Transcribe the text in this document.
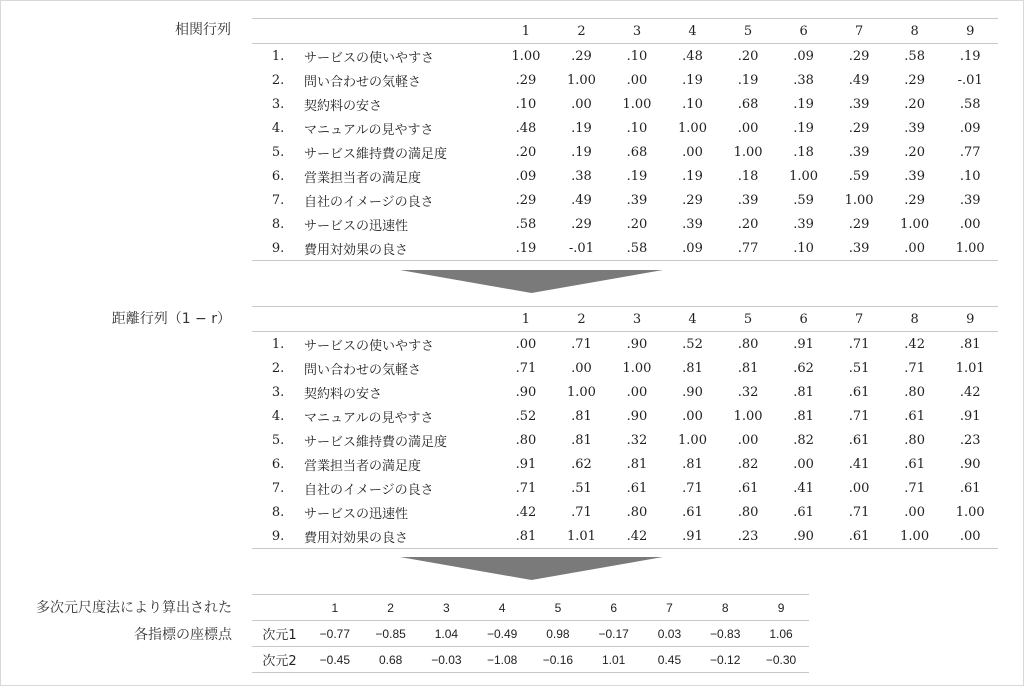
相関行列
			1	2	3	4	5	6	7	8	9
1.	サービスの使いやすさ	1.00	.29	.10	.48	.20	.09	.29	.58	.19
2.	問い合わせの気軽さ	.29	1.00	.00	.19	.19	.38	.49	.29	-.01
3.	契約料の安さ	.10	.00	1.00	.10	.68	.19	.39	.20	.58
4.	マニュアルの見やすさ	.48	.19	.10	1.00	.00	.19	.29	.39	.09
5.	サービス維持費の満足度	.20	.19	.68	.00	1.00	.18	.39	.20	.77
6.	営業担当者の満足度	.09	.38	.19	.19	.18	1.00	.59	.39	.10
7.	自社のイメージの良さ	.29	.49	.39	.29	.39	.59	1.00	.29	.39
8.	サービスの迅速性	.58	.29	.20	.39	.20	.39	.29	1.00	.00
9.	費用対効果の良さ	.19	-.01	.58	.09	.77	.10	.39	.00	1.00
距離行列（1 − r）
			1	2	3	4	5	6	7	8	9
1.	サービスの使いやすさ	.00	.71	.90	.52	.80	.91	.71	.42	.81
2.	問い合わせの気軽さ	.71	.00	1.00	.81	.81	.62	.51	.71	1.01
3.	契約料の安さ	.90	1.00	.00	.90	.32	.81	.61	.80	.42
4.	マニュアルの見やすさ	.52	.81	.90	.00	1.00	.81	.71	.61	.91
5.	サービス維持費の満足度	.80	.81	.32	1.00	.00	.82	.61	.80	.23
6.	営業担当者の満足度	.91	.62	.81	.81	.82	.00	.41	.61	.90
7.	自社のイメージの良さ	.71	.51	.61	.71	.61	.41	.00	.71	.61
8.	サービスの迅速性	.42	.71	.80	.61	.80	.61	.71	.00	1.00
9.	費用対効果の良さ	.81	1.01	.42	.91	.23	.90	.61	1.00	.00
多次元尺度法により算出された
各指標の座標点
	1	2	3	4	5	6	7	8	9
次元1	−0.77	−0.85	1.04	−0.49	0.98	−0.17	0.03	−0.83	1.06
次元2	−0.45	0.68	−0.03	−1.08	−0.16	1.01	0.45	−0.12	−0.30
